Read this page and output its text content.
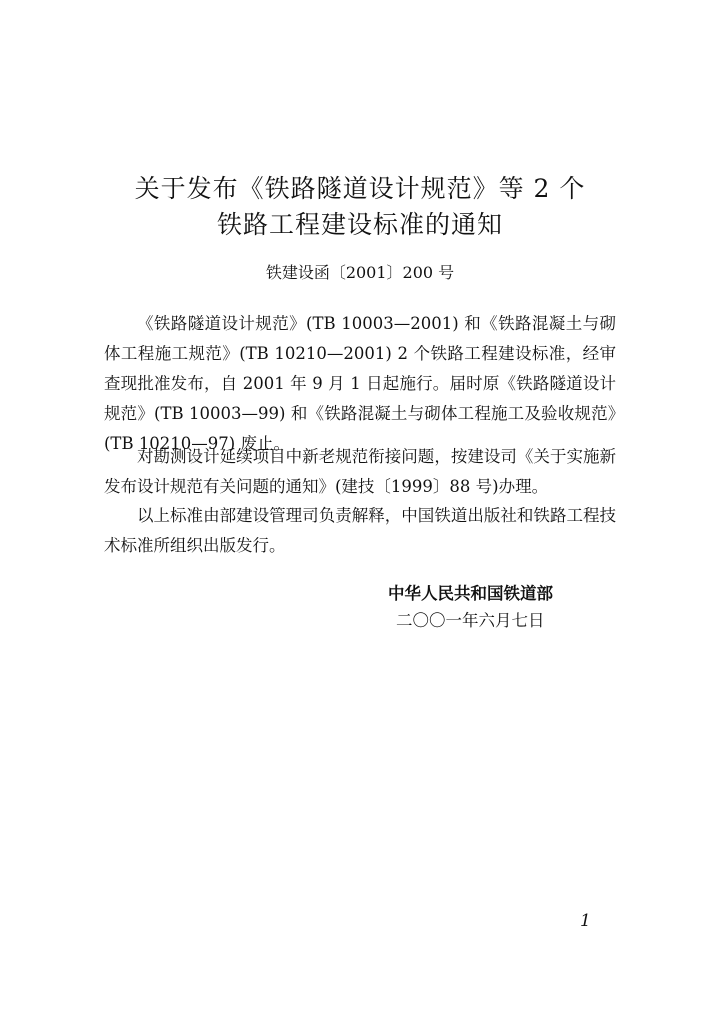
关于发布《铁路隧道设计规范》等 2 个
铁路工程建设标准的通知
铁建设函〔2001〕200 号

《铁路隧道设计规范》(TB 10003—2001) 和《铁路混凝土与砌体工程施工规范》(TB 10210—2001) 2 个铁路工程建设标准，经审查现批准发布，自 2001 年 9 月 1 日起施行。届时原《铁路隧道设计规范》(TB 10003—99) 和《铁路混凝土与砌体工程施工及验收规范》(TB 10210—97) 废止。

对勘测设计延续项目中新老规范衔接问题，按建设司《关于实施新发布设计规范有关问题的通知》(建技〔1999〕88 号)办理。

以上标准由部建设管理司负责解释，中国铁道出版社和铁路工程技术标准所组织出版发行。

中华人民共和国铁道部
二〇〇一年六月七日
1
